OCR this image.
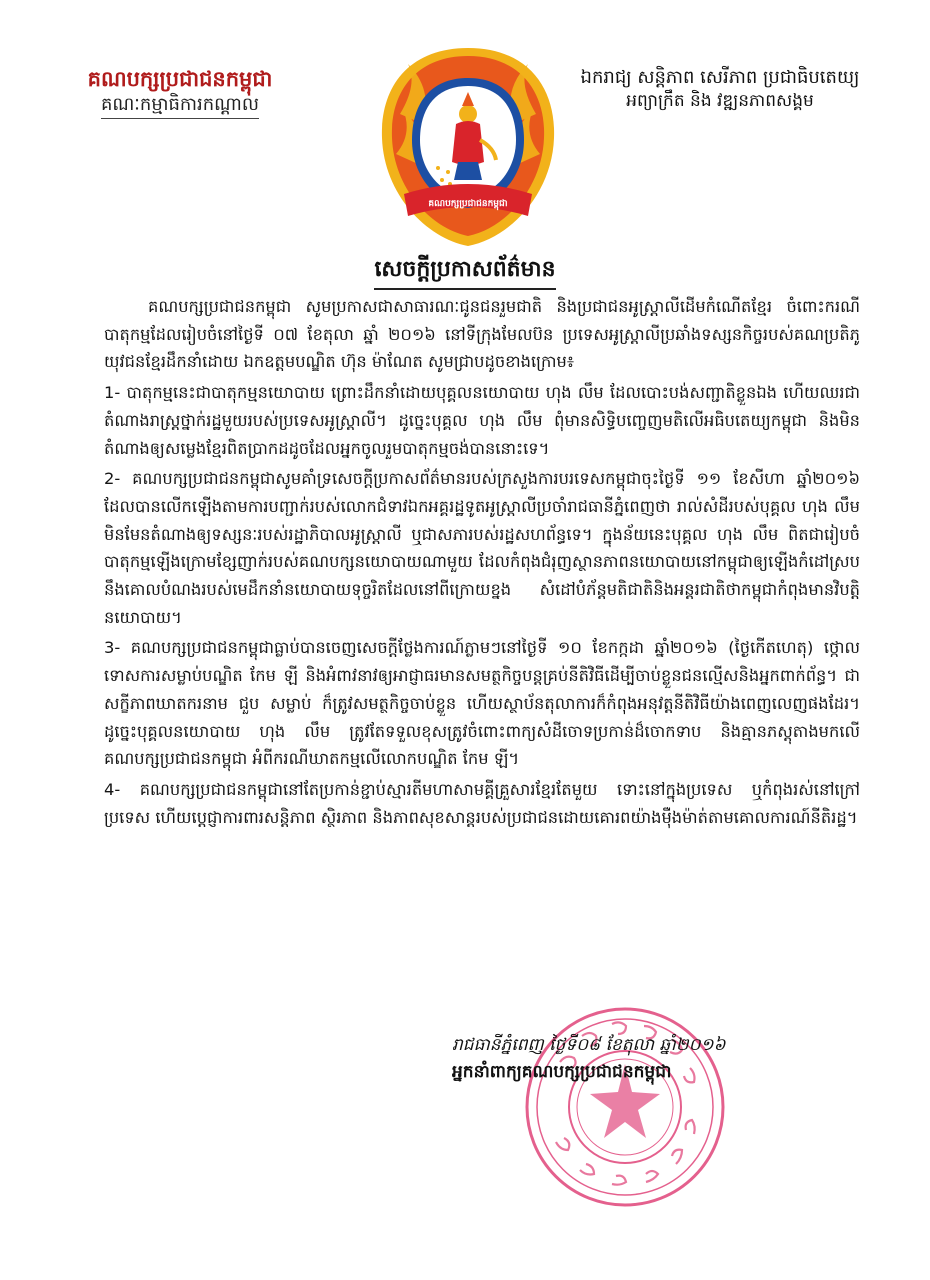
គណបក្សប្រជាជនកម្ពុជា
គណៈកម្មាធិការកណ្តាល
ឯករាជ្យ សន្តិភាព សេរីភាព ប្រជាធិបតេយ្យ
អព្យាក្រឹត និង វឌ្ឍនភាពសង្គម
គណបក្សប្រជាជនកម្ពុជា
សេចក្តីប្រកាសព័ត៌មាន

គណបក្សប្រជាជនកម្ពុជា សូមប្រកាសជាសាធារណៈជូនជនរួមជាតិ និងប្រជាជនអូស្ត្រាលីដើមកំណើតខ្មែរ ចំពោះករណីបាតុកម្មដែលរៀបចំនៅថ្ងៃទី ០៧ ខែតុលា ឆ្នាំ ២០១៦ នៅទីក្រុងមែលប៊ន ប្រទេសអូស្ត្រាលីប្រឆាំងទស្សនកិច្ចរបស់គណប្រតិភូយុវជនខ្មែរដឹកនាំដោយ ឯកឧត្តមបណ្ឌិត ហ៊ុន ម៉ាណែត សូមជ្រាបដូចខាងក្រោម៖

1- បាតុកម្មនេះជាបាតុកម្មនយោបាយ ព្រោះដឹកនាំដោយបុគ្គលនយោបាយ ហុង លឹម ដែលបោះបង់សញ្ជាតិខ្លួនឯង ហើយឈរជាតំណាងរាស្ត្រថ្នាក់រដ្ឋមួយរបស់ប្រទេសអូស្ត្រាលី។ ដូច្នេះបុគ្គល ហុង លឹម ពុំមានសិទ្ធិបញ្ចេញមតិលើអធិបតេយ្យកម្ពុជា និងមិនតំណាងឲ្យសម្លេងខ្មែរពិតប្រាកដដូចដែលអ្នកចូលរួមបាតុកម្មចង់បាននោះទេ។

2- គណបក្សប្រជាជនកម្ពុជាសូមគាំទ្រសេចក្តីប្រកាសព័ត៌មានរបស់ក្រសួងការបរទេសកម្ពុជាចុះថ្ងៃទី ១១ ខែសីហា ឆ្នាំ២០១៦ ដែលបានលើកឡើងតាមការបញ្ជាក់របស់លោកជំទាវឯកអគ្គរដ្ឋទូតអូស្ត្រាលីប្រចាំរាជធានីភ្នំពេញថា រាល់សំដីរបស់បុគ្គល ហុង លឹម មិនមែនតំណាងឲ្យទស្សនៈរបស់រដ្ឋាភិបាលអូស្ត្រាលី ឬជាសភារបស់រដ្ឋសហព័ន្ធទេ។ ក្នុងន័យនេះបុគ្គល ហុង លឹម ពិតជារៀបចំបាតុកម្មឡើងក្រោមខ្សែញាក់របស់គណបក្សនយោបាយណាមួយ ដែលកំពុងជំរុញស្ថានភាពនយោបាយនៅកម្ពុជាឲ្យឡើងកំដៅស្របនឹងគោលបំណងរបស់មេដឹកនាំនយោបាយទុច្ចរិតដែលនៅពីក្រោយខ្នង សំដៅបំភ័ន្តមតិជាតិនិងអន្តរជាតិថាកម្ពុជាកំពុងមានវិបត្តិនយោបាយ។

3- គណបក្សប្រជាជនកម្ពុជាធ្លាប់បានចេញសេចក្តីថ្លែងការណ៍ភ្លាមៗនៅថ្ងៃទី ១០ ខែកក្កដា ឆ្នាំ២០១៦ (ថ្ងៃកើតហេតុ) ថ្កោលទោសការសម្លាប់បណ្ឌិត កែម ឡី និងអំពាវនាវឲ្យអាជ្ញាធរមានសមត្ថកិច្ចបន្តគ្រប់នីតិវិធីដើម្បីចាប់ខ្លួនជនល្មើសនិងអ្នកពាក់ព័ន្ធ។ ជាសក្ខីភាពឃាតករនាម ជួប សម្លាប់ ក៏ត្រូវសមត្ថកិច្ចចាប់ខ្លួន ហើយស្ថាប័នតុលាការក៏កំពុងអនុវត្តនីតិវិធីយ៉ាងពេញលេញផងដែរ។ ដូច្នេះបុគ្គលនយោបាយ ហុង លឹម ត្រូវតែទទួលខុសត្រូវចំពោះពាក្យសំដីចោទប្រកាន់ដ៏ចោកទាប និងគ្មានភស្តុតាងមកលើគណបក្សប្រជាជនកម្ពុជា អំពីករណីឃាតកម្មលើលោកបណ្ឌិត កែម ឡី។

4- គណបក្សប្រជាជនកម្ពុជានៅតែប្រកាន់ខ្ជាប់ស្មារតីមហាសាមគ្គីគ្រួសារខ្មែរតែមួយ ទោះនៅក្នុងប្រទេស ឬកំពុងរស់នៅក្រៅប្រទេស ហើយប្តេជ្ញាការពារសន្តិភាព ស្ថិរភាព និងភាពសុខសាន្តរបស់ប្រជាជនដោយគោរពយ៉ាងម៉ឺងម៉ាត់តាមគោលការណ៍នីតិរដ្ឋ។

រាជធានីភ្នំពេញ ថ្ងៃទី០៨ ខែតុលា ឆ្នាំ២០១៦
អ្នកនាំពាក្យគណបក្សប្រជាជនកម្ពុជា
